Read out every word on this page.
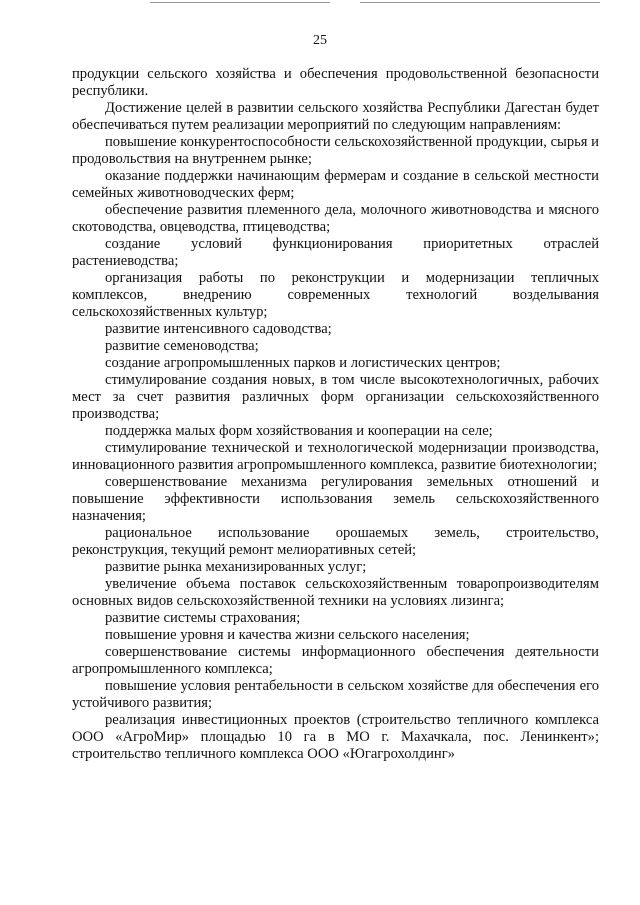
25

продукции сельского хозяйства и обеспечения продовольственной безопасности республики.

Достижение целей в развитии сельского хозяйства Республики Дагестан будет обеспечиваться путем реализации мероприятий по следующим направлениям:

повышение конкурентоспособности сельскохозяйственной продукции, сырья и продовольствия на внутреннем рынке;

оказание поддержки начинающим фермерам и создание в сельской местности семейных животноводческих ферм;

обеспечение развития племенного дела, молочного животноводства и мясного скотоводства, овцеводства, птицеводства;

создание условий функционирования приоритетных отраслей растениеводства;

организация работы по реконструкции и модернизации тепличных комплексов, внедрению современных технологий возделывания сельскохозяйственных культур;

развитие интенсивного садоводства;

развитие семеноводства;

создание агропромышленных парков и логистических центров;

стимулирование создания новых, в том числе высокотехнологичных, рабочих мест за счет развития различных форм организации сельскохозяйственного производства;

поддержка малых форм хозяйствования и кооперации на селе;

стимулирование технической и технологической модернизации производства, инновационного развития агропромышленного комплекса, развитие биотехнологии;

совершенствование механизма регулирования земельных отношений и повышение эффективности использования земель сельскохозяйственного назначения;

рациональное использование орошаемых земель, строительство, реконструкция, текущий ремонт мелиоративных сетей;

развитие рынка механизированных услуг;

увеличение объема поставок сельскохозяйственным товаропроизводителям основных видов сельскохозяйственной техники на условиях лизинга;

развитие системы страхования;

повышение уровня и качества жизни сельского населения;

совершенствование системы информационного обеспечения деятельности агропромышленного комплекса;

повышение условия рентабельности в сельском хозяйстве для обеспечения его устойчивого развития;

реализация инвестиционных проектов (строительство тепличного комплекса ООО «АгроМир» площадью 10 га в МО г. Махачкала, пос. Ленинкент»; строительство тепличного комплекса ООО «Югагрохолдинг»
